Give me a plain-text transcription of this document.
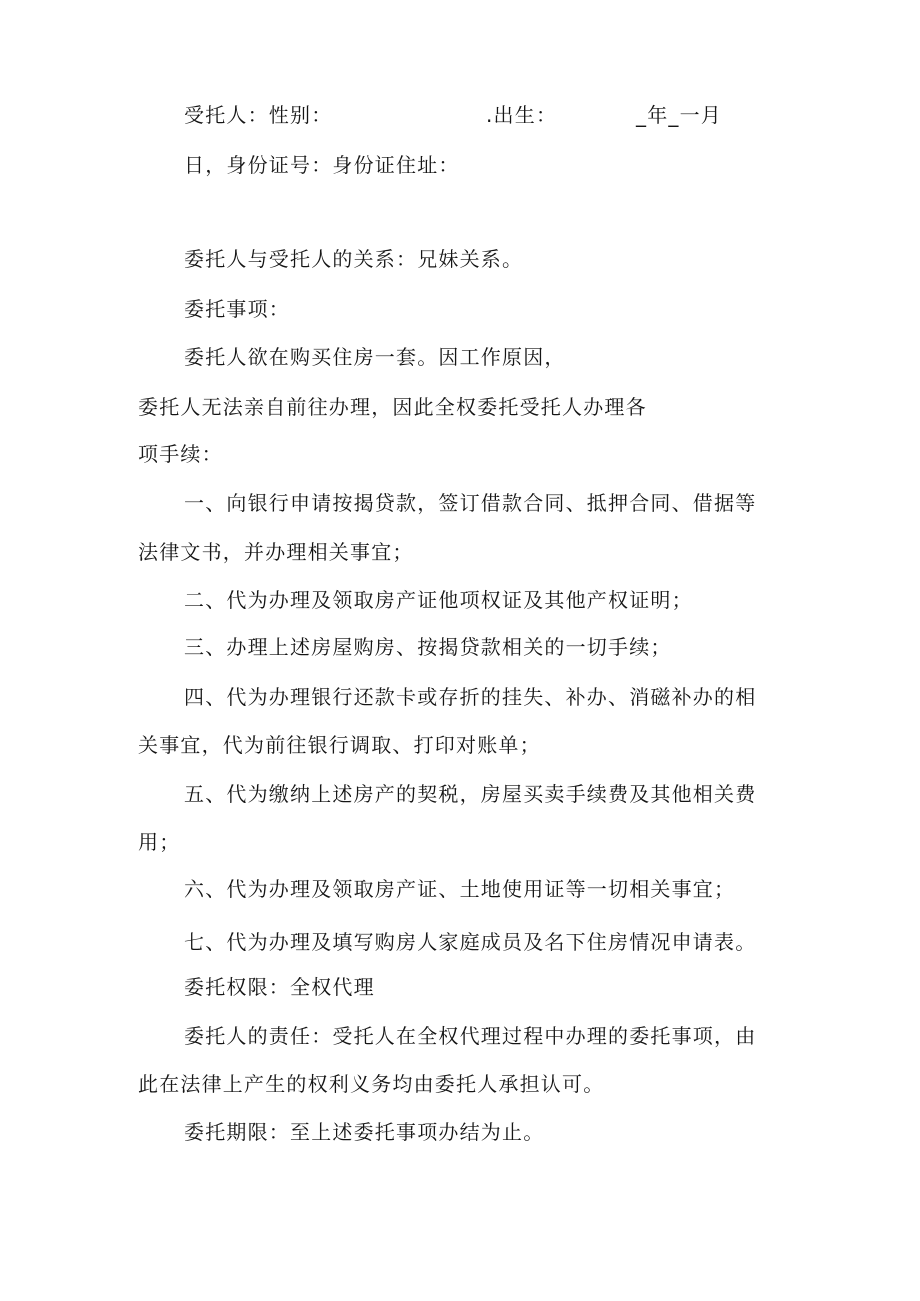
受托人：性别：	.出生：	_年_一月
日，身份证号：身份证住址：
委托人与受托人的关系：兄妹关系。
委托事项：
委托人欲在购买住房一套。因工作原因，
委托人无法亲自前往办理，因此全权委托受托人办理各
项手续：
一、向银行申请按揭贷款，签订借款合同、抵押合同、借据等
法律文书，并办理相关事宜；
二、代为办理及领取房产证他项权证及其他产权证明；
三、办理上述房屋购房、按揭贷款相关的一切手续；
四、代为办理银行还款卡或存折的挂失、补办、消磁补办的相
关事宜，代为前往银行调取、打印对账单；
五、代为缴纳上述房产的契税，房屋买卖手续费及其他相关费
用；
六、代为办理及领取房产证、土地使用证等一切相关事宜；
七、代为办理及填写购房人家庭成员及名下住房情况申请表。
委托权限：全权代理
委托人的责任：受托人在全权代理过程中办理的委托事项，由
此在法律上产生的权利义务均由委托人承担认可。
委托期限：至上述委托事项办结为止。
